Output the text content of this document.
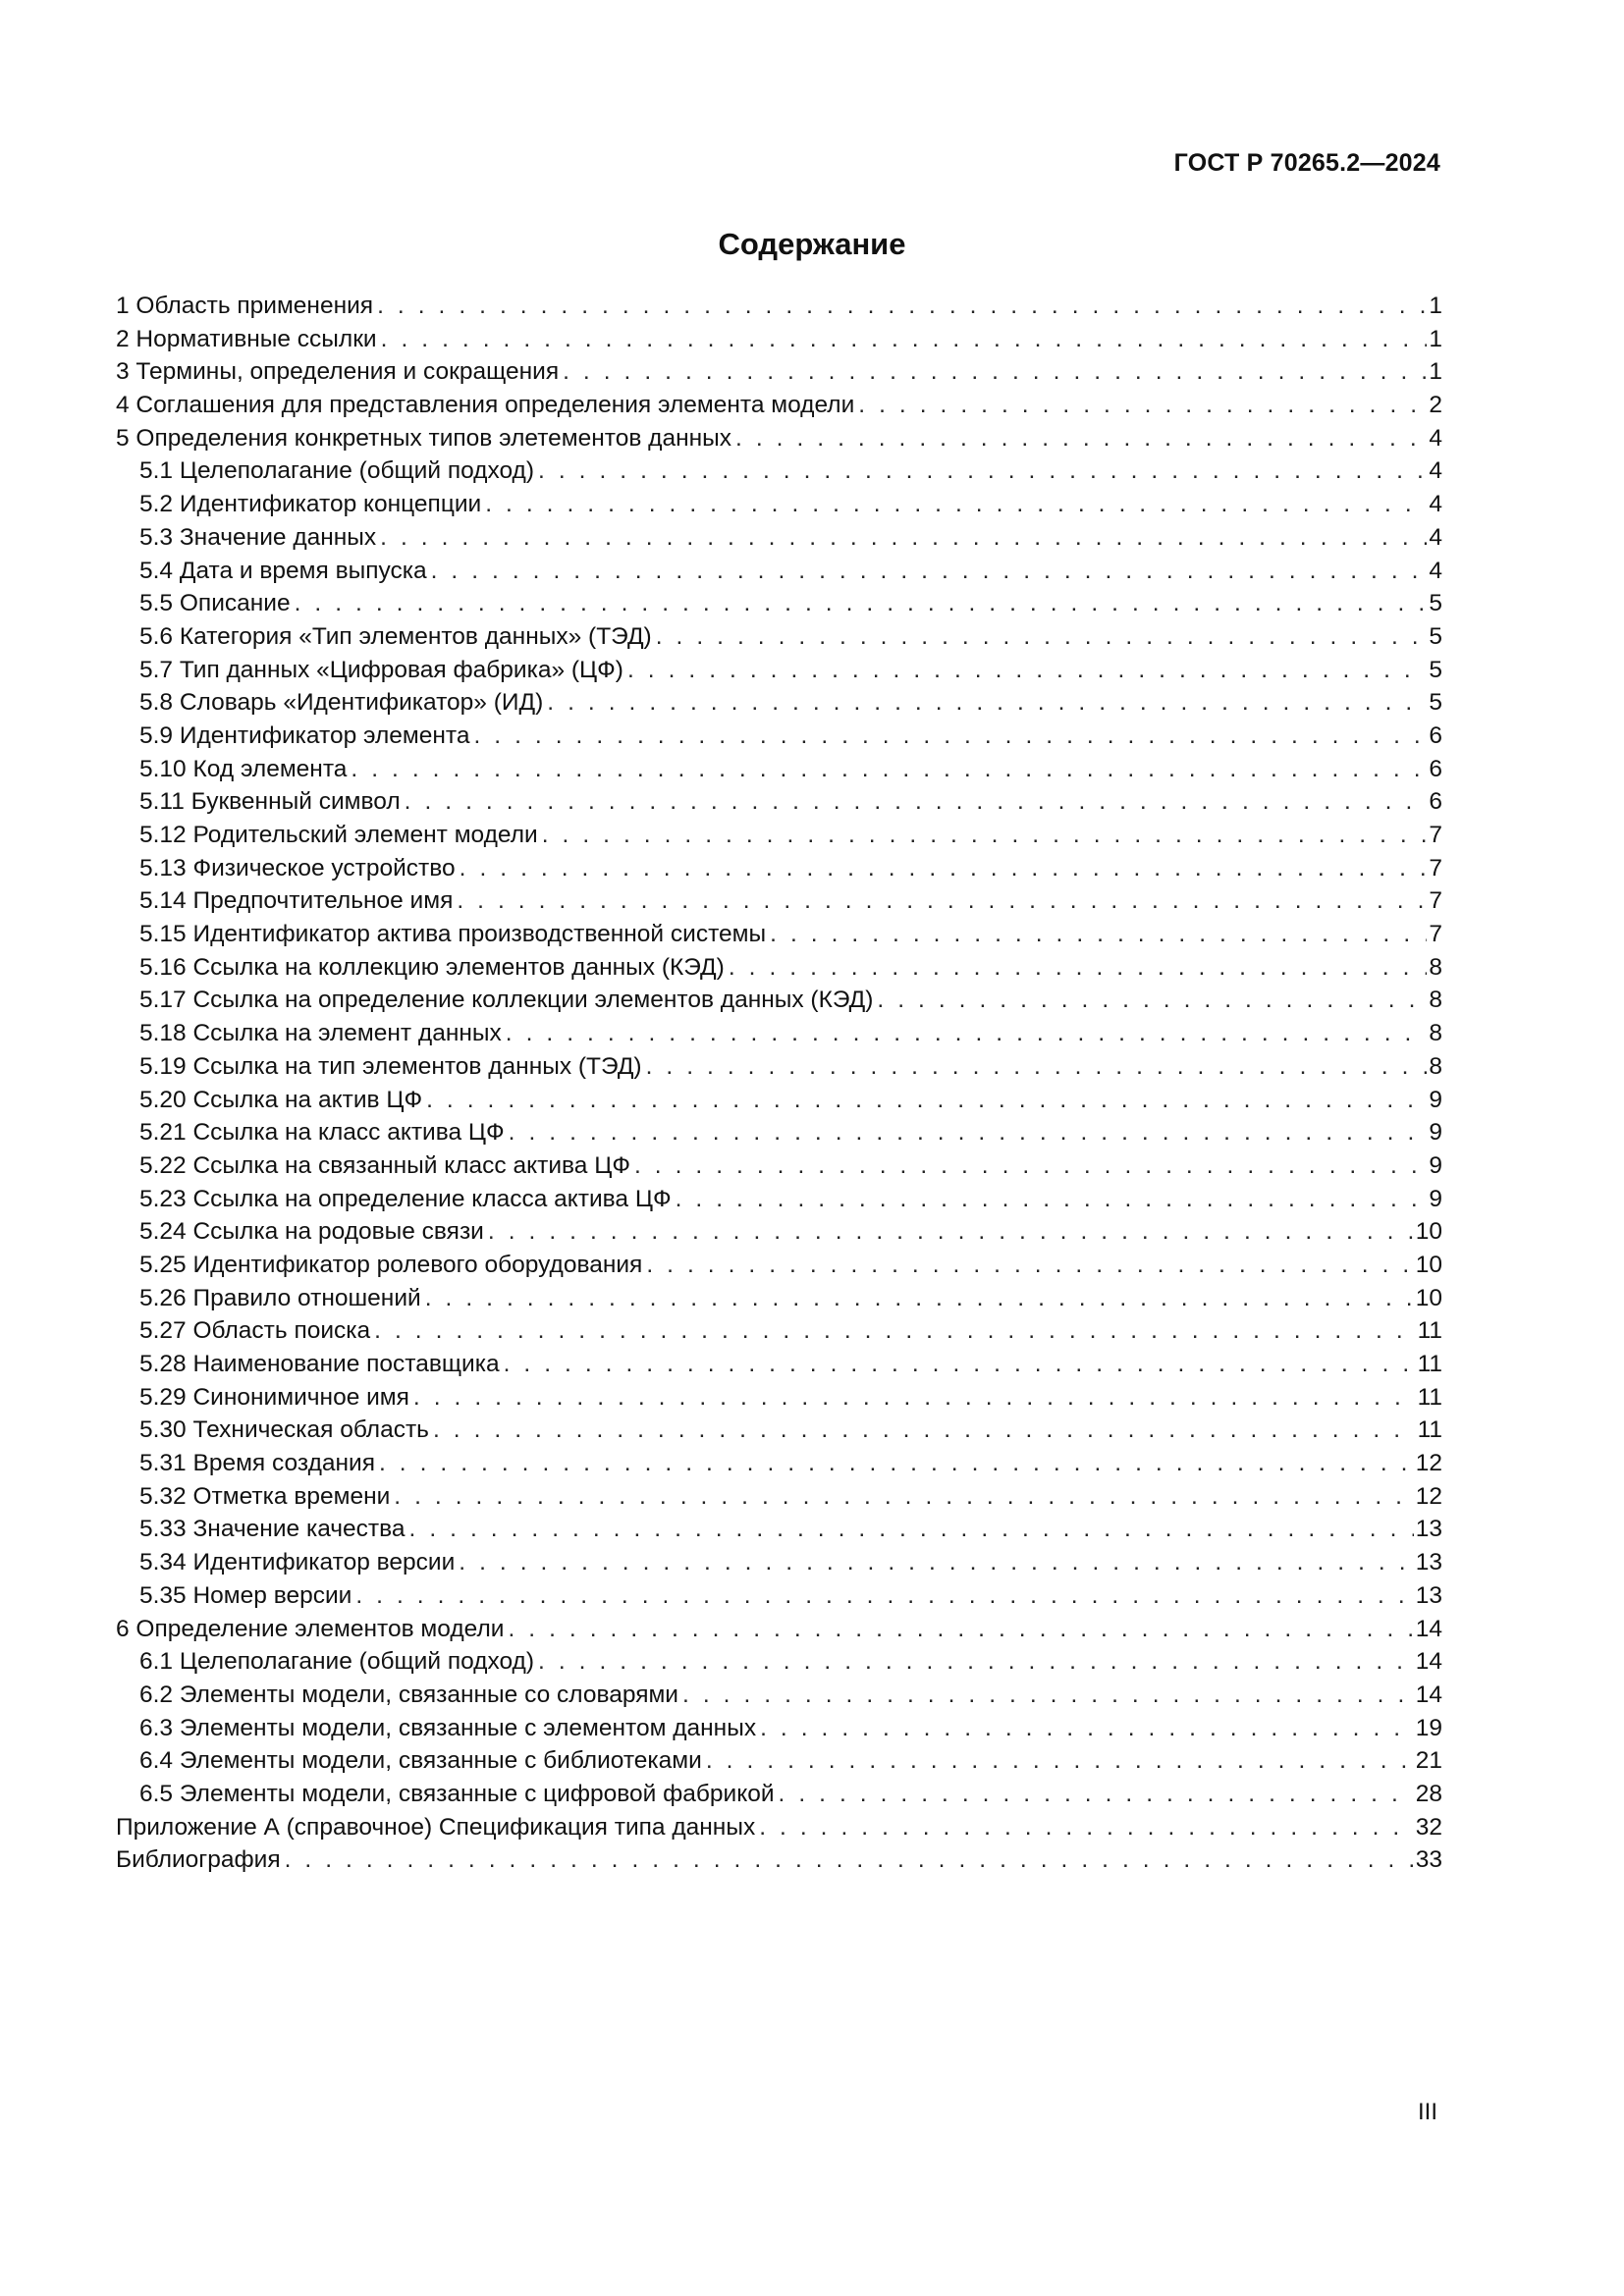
ГОСТ Р 70265.2—2024
Содержание
1 Область применения . . .	1
2 Нормативные ссылки . . .	1
3 Термины, определения и сокращения . . .	1
4 Соглашения для представления определения элемента модели . . .	2
5 Определения конкретных типов элетементов данных . . .	4
5.1 Целеполагание (общий подход) . . .	4
5.2 Идентификатор концепции . . .	4
5.3 Значение данных . . .	4
5.4 Дата и время выпуска . . .	4
5.5 Описание . . .	5
5.6 Категория «Тип элементов данных» (ТЭД) . . .	5
5.7 Тип данных «Цифровая фабрика» (ЦФ) . . .	5
5.8 Словарь «Идентификатор» (ИД) . . .	5
5.9 Идентификатор элемента . . .	6
5.10 Код элемента . . .	6
5.11 Буквенный символ . . .	6
5.12 Родительский элемент модели . . .	7
5.13 Физическое устройство . . .	7
5.14 Предпочтительное имя . . .	7
5.15 Идентификатор актива производственной системы . . .	7
5.16 Ссылка на коллекцию элементов данных (КЭД) . . .	8
5.17 Ссылка на определение коллекции элементов данных (КЭД) . . .	8
5.18 Ссылка на элемент данных . . .	8
5.19 Ссылка на тип элементов данных (ТЭД) . . .	8
5.20 Ссылка на актив ЦФ . . .	9
5.21 Ссылка на класс актива ЦФ . . .	9
5.22 Ссылка на связанный класс актива ЦФ . . .	9
5.23 Ссылка на определение класса актива ЦФ . . .	9
5.24 Ссылка на родовые связи . . .	10
5.25 Идентификатор ролевого оборудования . . .	10
5.26 Правило отношений . . .	10
5.27 Область поиска . . .	11
5.28 Наименование поставщика . . .	11
5.29 Синонимичное имя . . .	11
5.30 Техническая область . . .	11
5.31 Время создания . . .	12
5.32 Отметка времени . . .	12
5.33 Значение качества . . .	13
5.34 Идентификатор версии . . .	13
5.35 Номер версии . . .	13
6 Определение элементов модели . . .	14
6.1 Целеполагание (общий подход) . . .	14
6.2 Элементы модели, связанные со словарями . . .	14
6.3 Элементы модели, связанные с элементом данных . . .	19
6.4 Элементы модели, связанные с библиотеками . . .	21
6.5 Элементы модели, связанные с цифровой фабрикой . . .	28
Приложение А (справочное) Спецификация типа данных . . .	32
Библиография . . .	33
III
